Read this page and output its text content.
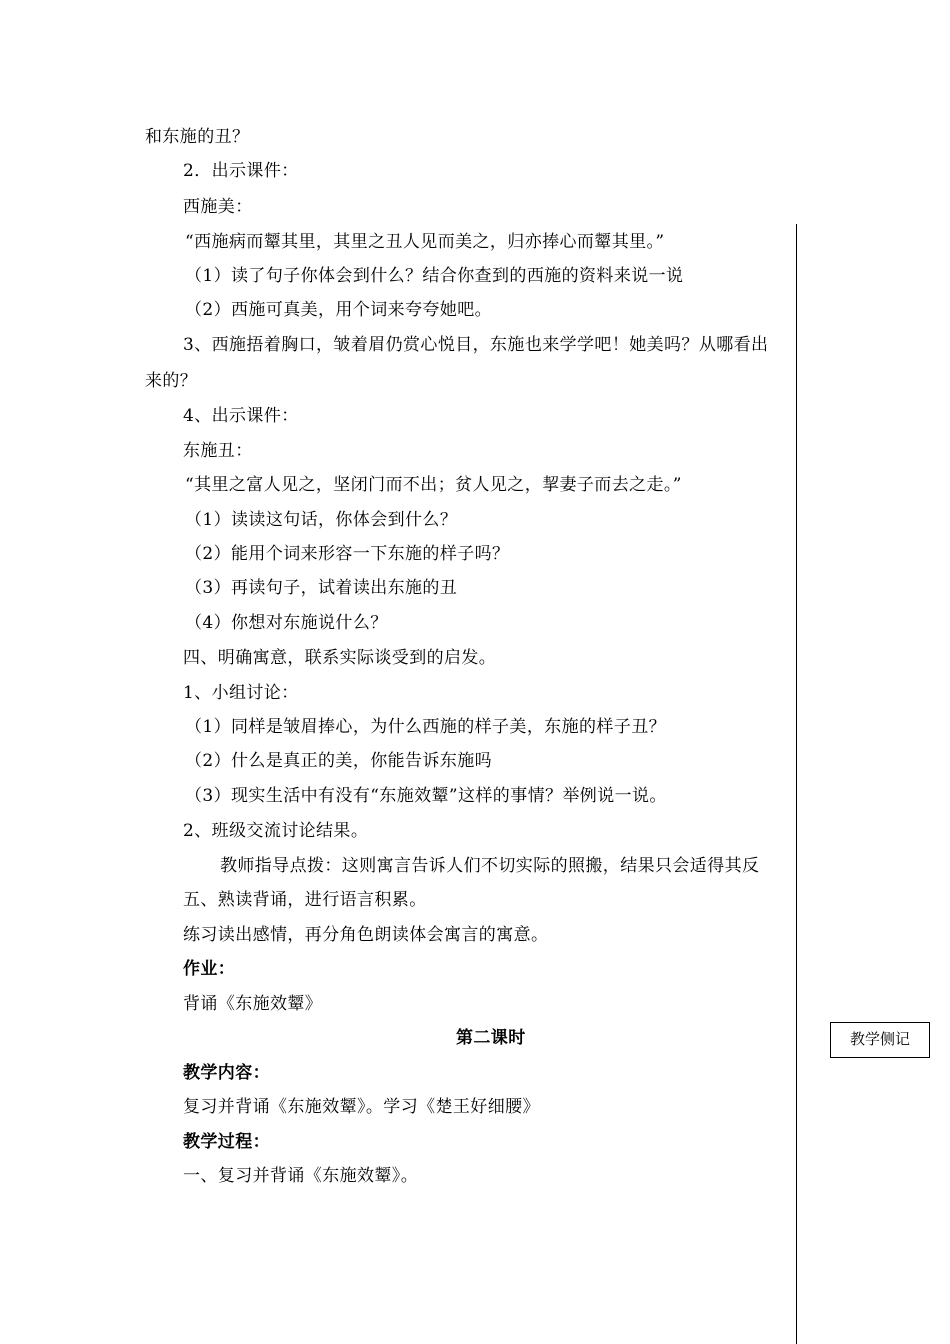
和东施的丑？
2．出示课件：
西施美：
“西施病而颦其里，其里之丑人见而美之，归亦捧心而颦其里。”
（1）读了句子你体会到什么？结合你查到的西施的资料来说一说
（2）西施可真美，用个词来夸夸她吧。
3、西施捂着胸口，皱着眉仍赏心悦目，东施也来学学吧！她美吗？从哪看出
来的？
4、出示课件：
东施丑：
“其里之富人见之，坚闭门而不出；贫人见之，挈妻子而去之走。”
（1）读读这句话，你体会到什么？
（2）能用个词来形容一下东施的样子吗？
（3）再读句子，试着读出东施的丑
（4）你想对东施说什么？
四、明确寓意，联系实际谈受到的启发。
1、小组讨论：
（1）同样是皱眉捧心，为什么西施的样子美，东施的样子丑？
（2）什么是真正的美，你能告诉东施吗
（3）现实生活中有没有“东施效颦”这样的事情？举例说一说。
2、班级交流讨论结果。
教师指导点拨：这则寓言告诉人们不切实际的照搬，结果只会适得其反
五、熟读背诵，进行语言积累。
练习读出感情，再分角色朗读体会寓言的寓意。
作业：
背诵《东施效颦》
第二课时
教学内容：
复习并背诵《东施效颦》。学习《楚王好细腰》
教学过程：
一、复习并背诵《东施效颦》。
教学侧记
